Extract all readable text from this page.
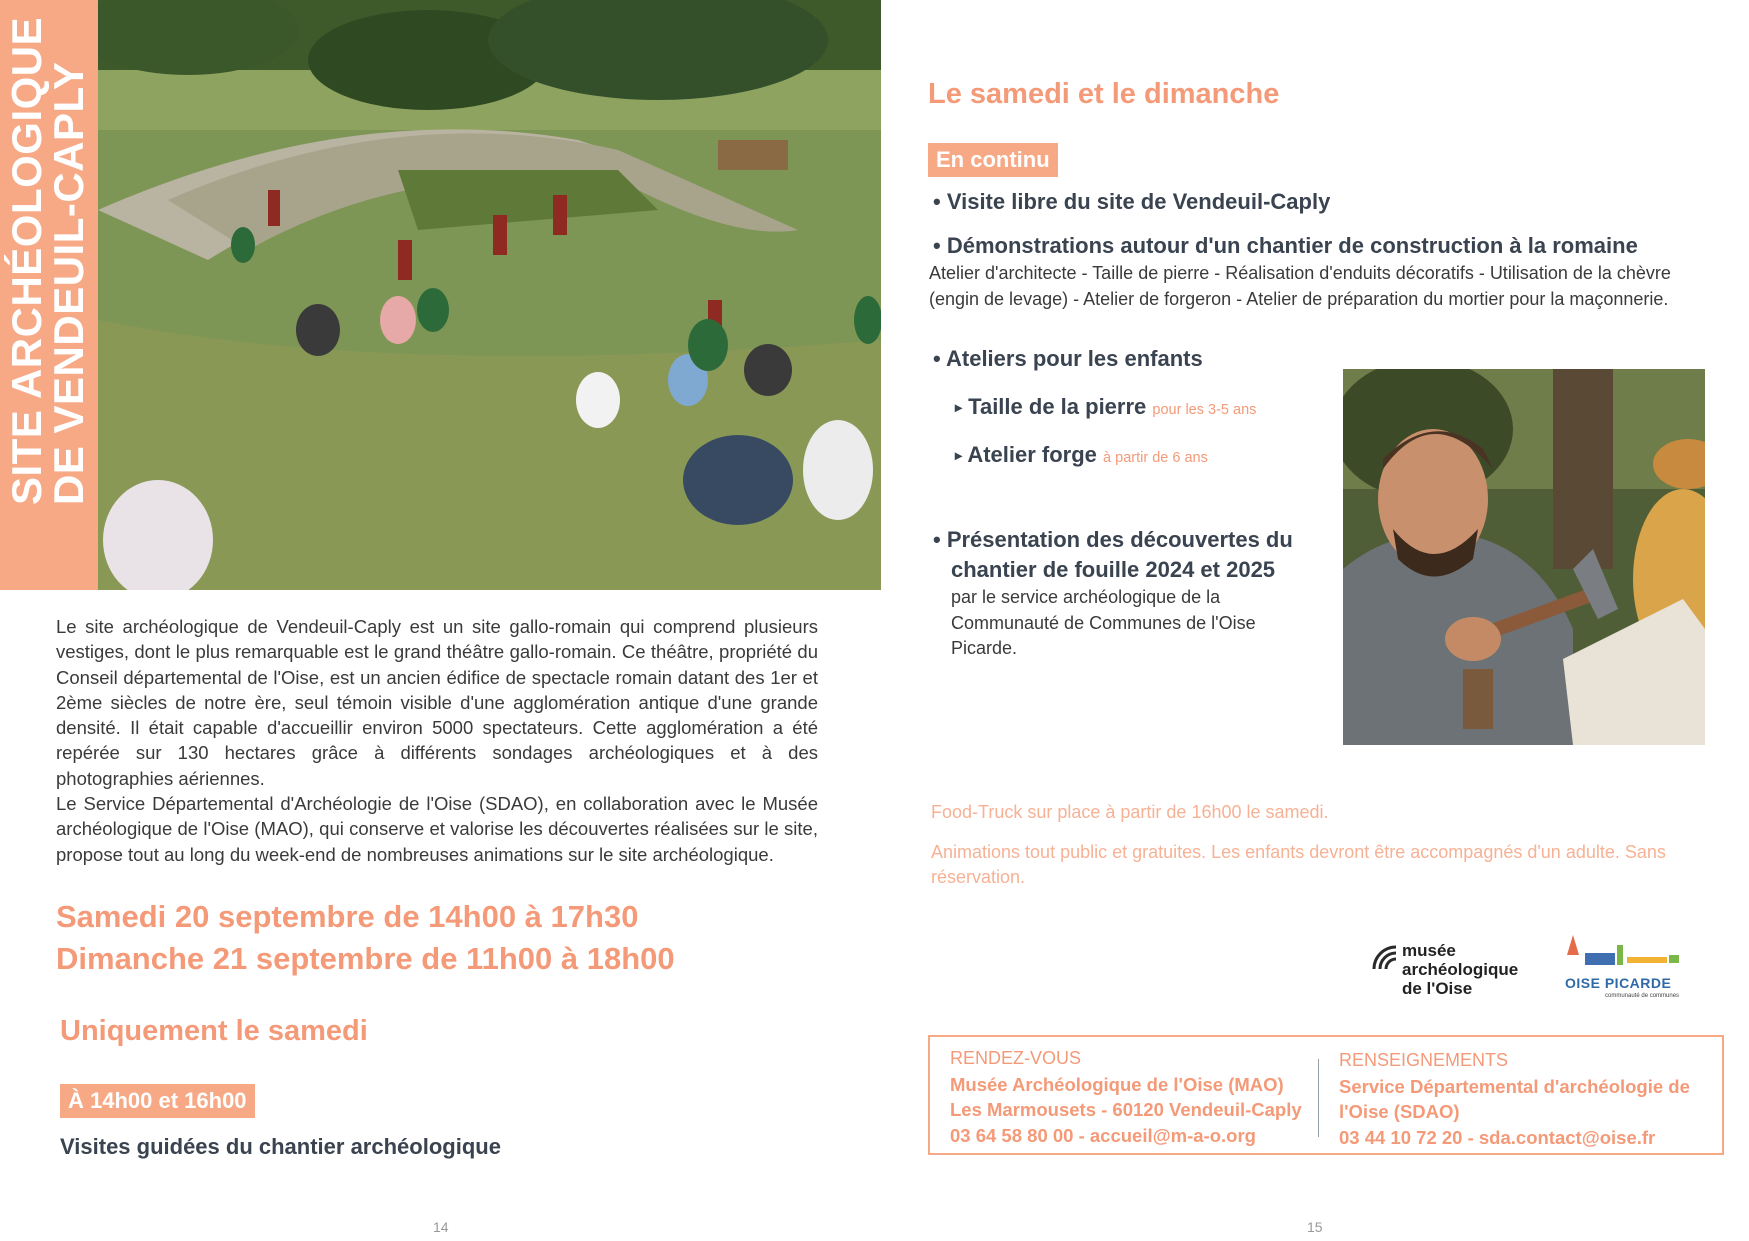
SITE ARCHÉOLOGIQUE
DE VENDEUIL-CAPLY

Le site archéologique de Vendeuil-Caply est un site gallo-romain qui comprend plusieurs vestiges, dont le plus remarquable est le grand théâtre gallo-romain. Ce théâtre, propriété du Conseil départemental de l'Oise, est un ancien édifice de spectacle romain datant des 1er et 2ème siècles de notre ère, seul témoin visible d'une agglomération antique d'une grande densité. Il était capable d'accueillir environ 5000 spectateurs. Cette agglomération a été repérée sur 130 hectares grâce à différents sondages archéologiques et à des photographies aériennes.

Le Service Départemental d'Archéologie de l'Oise (SDAO), en collaboration avec le Musée archéologique de l'Oise (MAO), qui conserve et valorise les découvertes réalisées sur le site, propose tout au long du week-end de nombreuses animations sur le site archéologique.

Samedi 20 septembre de 14h00 à 17h30
Dimanche 21 septembre de 11h00 à 18h00
Uniquement le samedi
À 14h00 et 16h00
Visites guidées du chantier archéologique
14
Le samedi et le dimanche
En continu
• Visite libre du site de Vendeuil-Caply
• Démonstrations autour d'un chantier de construction à la romaine
Atelier d'architecte - Taille de pierre - Réalisation d'enduits décoratifs - Utilisation de la chèvre (engin de levage) - Atelier de forgeron - Atelier de préparation du mortier pour la maçonnerie.
• Ateliers pour les enfants
▸ Taille de la pierre pour les 3-5 ans
▸ Atelier forge à partir de 6 ans
• Présentation des découvertes du
chantier de fouille 2024 et 2025
par le service archéologique de la Communauté de Communes de l'Oise Picarde.
Food-Truck sur place à partir de 16h00 le samedi.
Animations tout public et gratuites. Les enfants devront être accompagnés d'un adulte. Sans réservation.
musée
archéologique
de l'Oise	OISE PICARDE
communauté de communes
RENDEZ-VOUS
Musée Archéologique de l'Oise (MAO)
Les Marmousets - 60120 Vendeuil-Caply
03 64 58 80 00 - accueil@m-a-o.org
RENSEIGNEMENTS
Service Départemental d'archéologie de
l'Oise (SDAO)
03 44 10 72 20 - sda.contact@oise.fr
15
